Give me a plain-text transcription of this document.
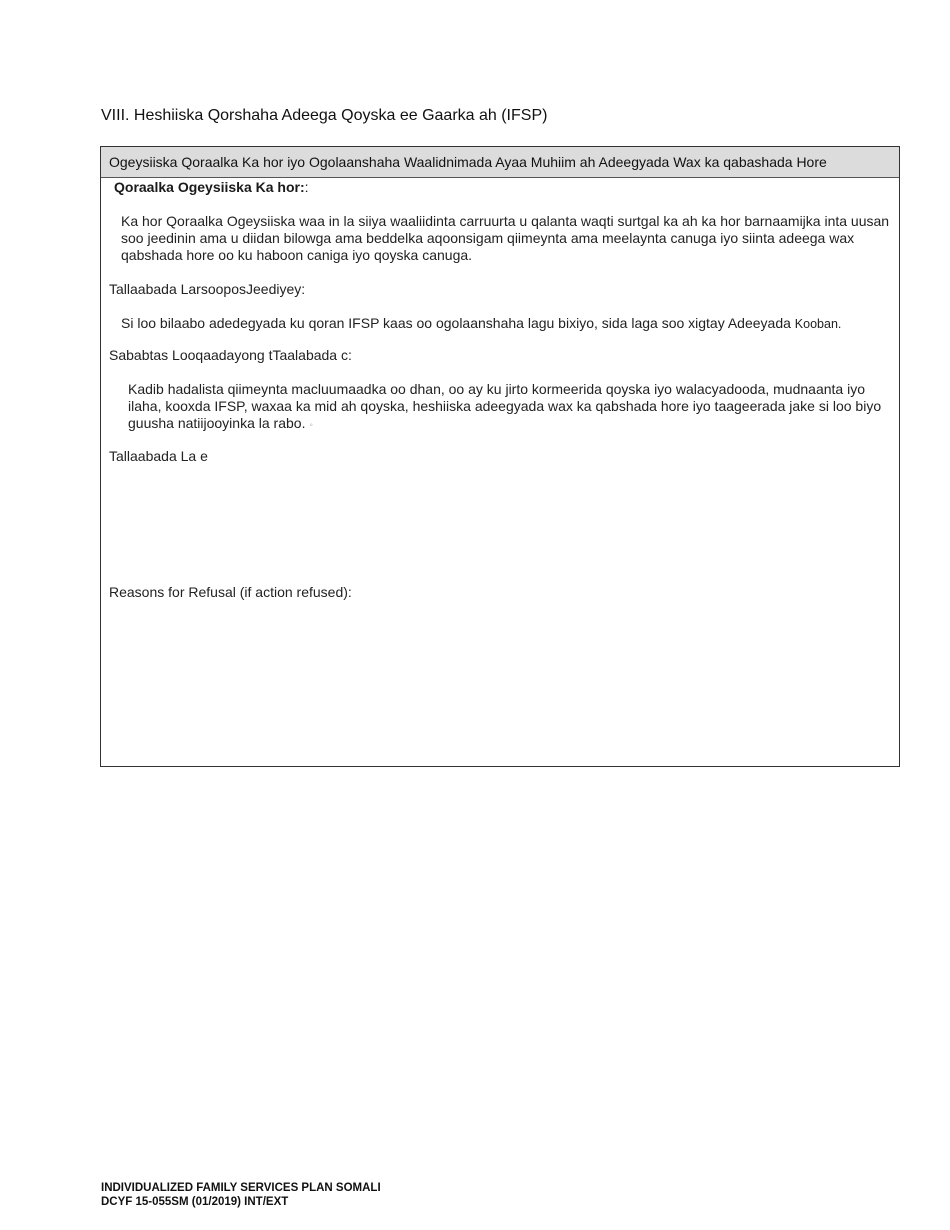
VIII. Heshiiska Qorshaha Adeega Qoyska ee Gaarka ah (IFSP)
Ogeysiiska Qoraalka Ka hor iyo Ogolaanshaha Waalidnimada Ayaa Muhiim ah Adeegyada Wax ka qabashada Hore

Qoraalka Ogeysiiska Ka hor::

Ka hor Qoraalka Ogeysiiska waa in la siiya waaliidinta carruurta u qalanta waqti surtgal ka ah ka hor barnaamijka inta uusan soo jeedinin ama u diidan bilowga ama beddelka aqoonsigam qiimeynta ama meelaynta canuga iyo siinta adeega wax qabshada hore oo ku haboon caniga iyo qoyska canuga.

Tallaabada LarsooposJeediyey:

Si loo bilaabo adedegyada ku qoran IFSP kaas oo ogolaanshaha lagu bixiyo, sida laga soo xigtay Adeeyada Kooban.

Sababtas Looqaadayong tTaalabada c:

Kadib hadalista qiimeynta macluumaadka oo dhan, oo ay ku jirto kormeerida qoyska iyo walacyadooda, mudnaanta iyo ilaha, kooxda IFSP, waxaa ka mid ah qoyska, heshiiska adeegyada wax ka qabshada hore iyo taageerada jake si loo biyo guusha natiijooyinka la rabo. ◦

Tallaabada La e

Reasons for Refusal (if action refused):

INDIVIDUALIZED FAMILY SERVICES PLAN SOMALI
DCYF 15-055SM (01/2019) INT/EXT
